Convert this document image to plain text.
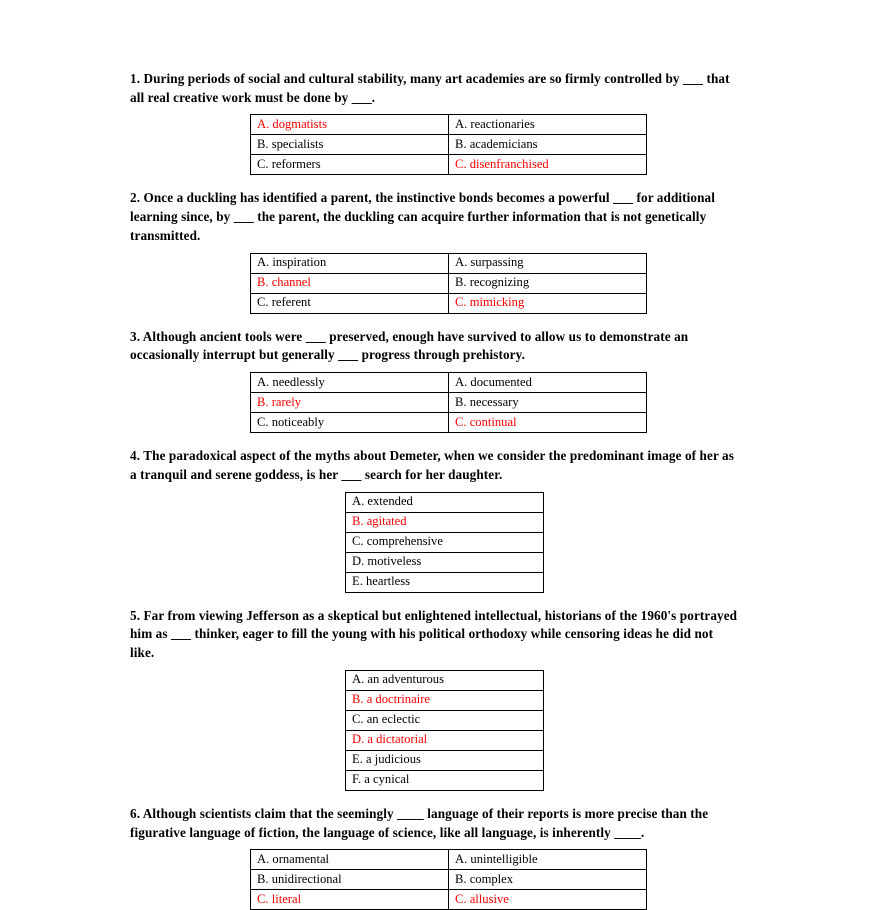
1. During periods of social and cultural stability, many art academies are so firmly controlled by ___ that all real creative work must be done by ___.

A. dogmatists	A. reactionaries
B. specialists	B. academicians
C. reformers	C. disenfranchised

2. Once a duckling has identified a parent, the instinctive bonds becomes a powerful ___ for additional learning since, by ___ the parent, the duckling can acquire further information that is not genetically transmitted.

A. inspiration	A. surpassing
B. channel	B. recognizing
C. referent	C. mimicking

3. Although ancient tools were ___ preserved, enough have survived to allow us to demonstrate an occasionally interrupt but generally ___ progress through prehistory.

A. needlessly	A. documented
B. rarely	B. necessary
C. noticeably	C. continual

4. The paradoxical aspect of the myths about Demeter, when we consider the predominant image of her as a tranquil and serene goddess, is her ___ search for her daughter.

A. extended
B. agitated
C. comprehensive
D. motiveless
E. heartless

5. Far from viewing Jefferson as a skeptical but enlightened intellectual, historians of the 1960's portrayed him as ___ thinker, eager to fill the young with his political orthodoxy while censoring ideas he did not like.

A. an adventurous
B. a doctrinaire
C. an eclectic
D. a dictatorial
E. a judicious
F. a cynical

6. Although scientists claim that the seemingly ____ language of their reports is more precise than the figurative language of fiction, the language of science, like all language, is inherently ____.

A. ornamental	A. unintelligible
B. unidirectional	B. complex
C. literal	C. allusive
